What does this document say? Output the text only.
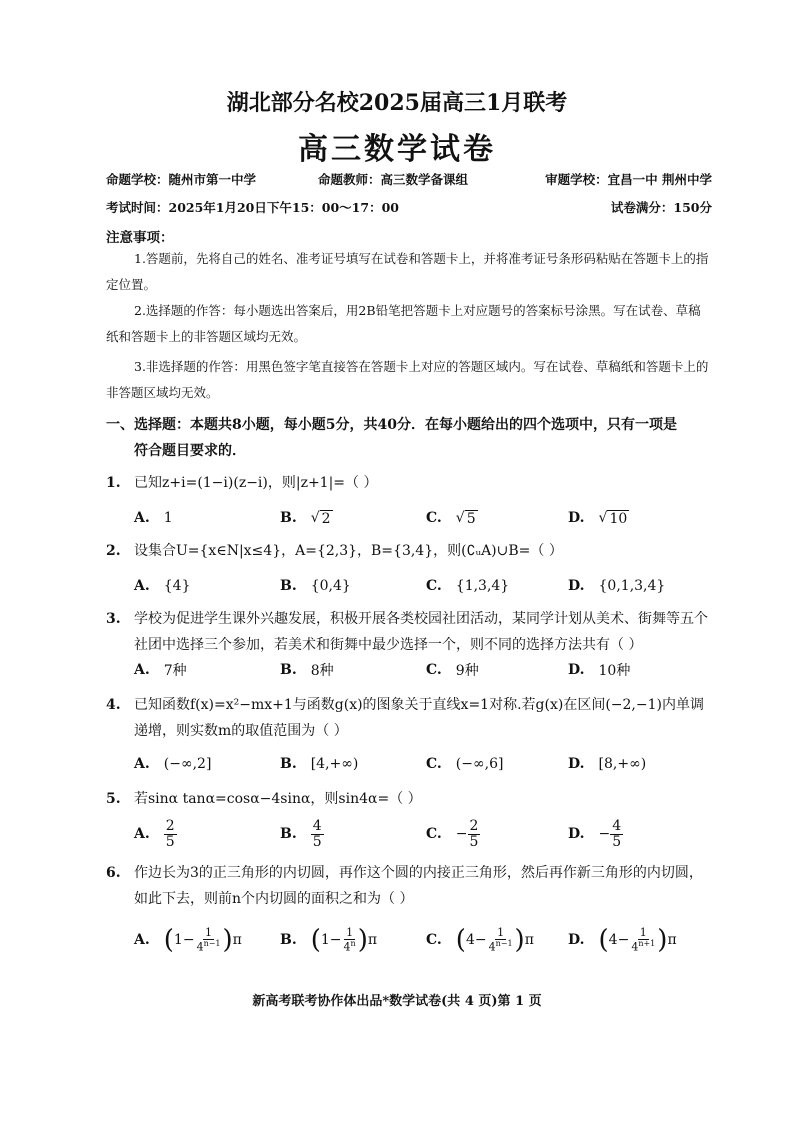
湖北部分名校2025届高三1月联考
高三数学试卷
命题学校：随州市第一中学	命题教师：高三数学备课组	审题学校：宜昌一中 荆州中学
考试时间：2025年1月20日下午15：00～17：00	试卷满分：150分
注意事项：
1.答题前，先将自己的姓名、准考证号填写在试卷和答题卡上，并将准考证号条形码粘贴在答题卡上的指定位置。
2.选择题的作答：每小题选出答案后，用2B铅笔把答题卡上对应题号的答案标号涂黑。写在试卷、草稿纸和答题卡上的非答题区域均无效。
3.非选择题的作答：用黑色签字笔直接答在答题卡上对应的答题区域内。写在试卷、草稿纸和答题卡上的非答题区域均无效。
一、选择题：本题共8小题，每小题5分，共40分．在每小题给出的四个选项中，只有一项是
符合题目要求的．
1. 已知z+i=(1−i)(z−i)，则|z+1|=（ ）
A. 1	B. √ 2	C. √ 5	D. √ 10
2. 设集合U={x∈N|x≤4}，A={2,3}，B={3,4}，则(∁ᵤA)∪B=（ ）
A. {4}	B. {0,4}	C. {1,3,4}	D. {0,1,3,4}
3. 学校为促进学生课外兴趣发展，积极开展各类校园社团活动，某同学计划从美术、街舞等五个社团中选择三个参加，若美术和街舞中最少选择一个，则不同的选择方法共有（ ）
A. 7种	B. 8种	C. 9种	D. 10种
4. 已知函数f(x)=x²−mx+1与函数g(x)的图象关于直线x=1对称.若g(x)在区间(−2,−1)内单调递增，则实数m的取值范围为（ ）
A. (−∞,2]	B. [4,+∞)	C. (−∞,6]	D. [8,+∞)
5. 若sinα tanα=cosα−4sinα，则sin4α=（ ）
A. $\frac{2}{5}$	B. $\frac{4}{5}$	C. − $\frac{2}{5}$	D. − $\frac{4}{5}$
6. 作边长为3的正三角形的内切圆，再作这个圆的内接正三角形，然后再作新三角形的内切圆，如此下去，则前n个内切圆的面积之和为（ ）
A. ( $1 - \frac{1}{4^{n-1}}$ ) π	B. ( $1 - \frac{1}{4^n}$ ) π	C. ( $4 - \frac{1}{4^{n-1}}$ ) π D. ( $4 - \frac{1}{4^{n+1}}$ ) π
新高考联考协作体出品*数学试卷(共 4 页)第 1 页
